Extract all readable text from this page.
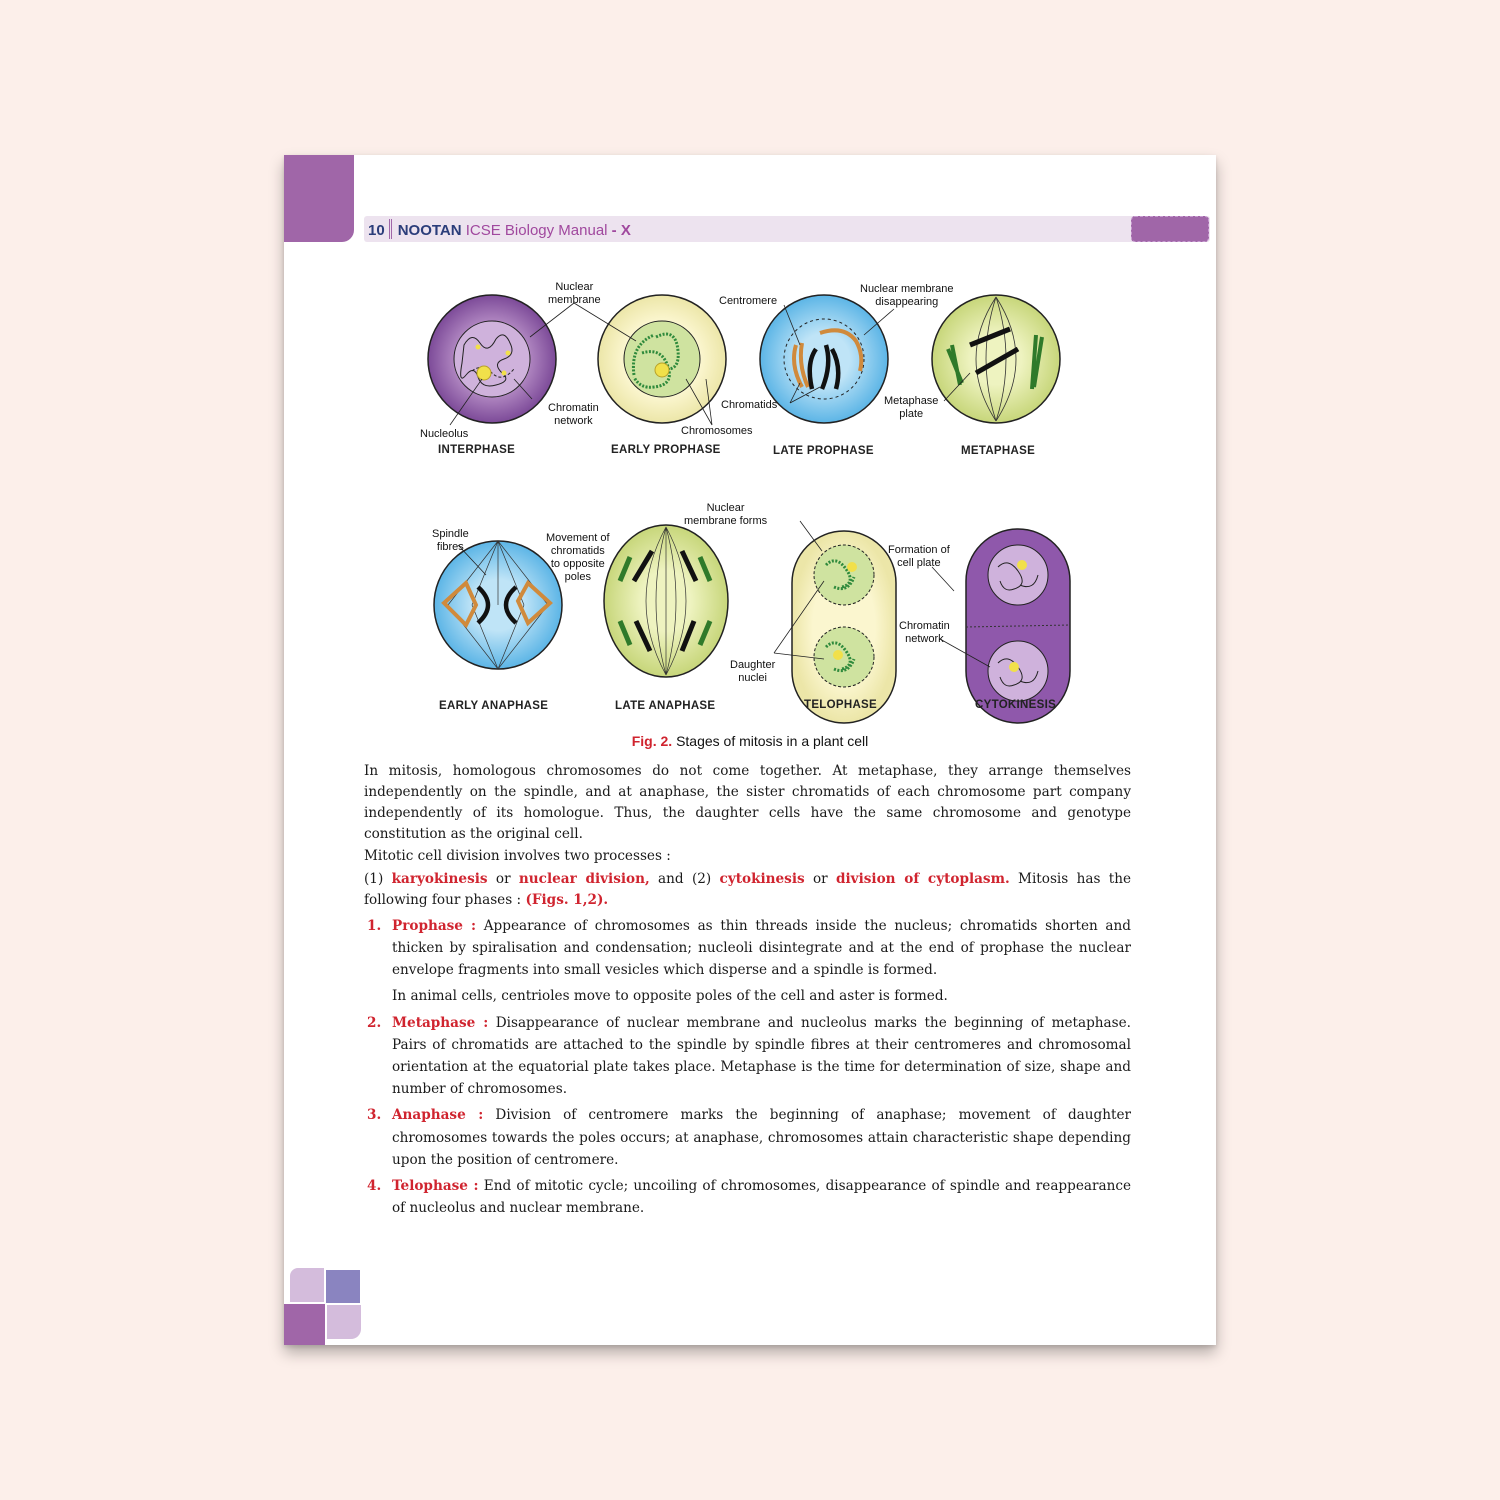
10 NOOTAN ICSE Biology Manual - X
Nuclear
membrane
Chromatin
network
Nucleolus	Chromosomes
Centromere
Nuclear membrane
disappearing
Chromatids	Metaphase
plate
INTERPHASE	EARLY PROPHASE	LATE PROPHASE	METAPHASE
Spindle
fibres
Movement of
chromatids
to opposite
poles
Nuclear
membrane forms
Daughter
nuclei
Formation of
cell plate
Chromatin
network
EARLY ANAPHASE	LATE ANAPHASE	TELOPHASE	CYTOKINESIS
Fig. 2. Stages of mitosis in a plant cell
In mitosis, homologous chromosomes do not come together. At metaphase, they arrange themselves independently on the spindle, and at anaphase, the sister chromatids of each chromosome part company independently of its homologue. Thus, the daughter cells have the same chromosome and genotype constitution as the original cell.
Mitotic cell division involves two processes :
(1) karyokinesis or nuclear division, and (2) cytokinesis or division of cytoplasm. Mitosis has the following four phases : (Figs. 1,2).
1. Prophase : Appearance of chromosomes as thin threads inside the nucleus; chromatids shorten and thicken by spiralisation and condensation; nucleoli disintegrate and at the end of prophase the nuclear envelope fragments into small vesicles which disperse and a spindle is formed.
In animal cells, centrioles move to opposite poles of the cell and aster is formed.
2. Metaphase : Disappearance of nuclear membrane and nucleolus marks the beginning of metaphase. Pairs of chromatids are attached to the spindle by spindle fibres at their centromeres and chromosomal orientation at the equatorial plate takes place. Metaphase is the time for determination of size, shape and number of chromosomes.
3. Anaphase : Division of centromere marks the beginning of anaphase; movement of daughter chromosomes towards the poles occurs; at anaphase, chromosomes attain characteristic shape depending upon the position of centromere.
4. Telophase : End of mitotic cycle; uncoiling of chromosomes, disappearance of spindle and reappearance of nucleolus and nuclear membrane.
